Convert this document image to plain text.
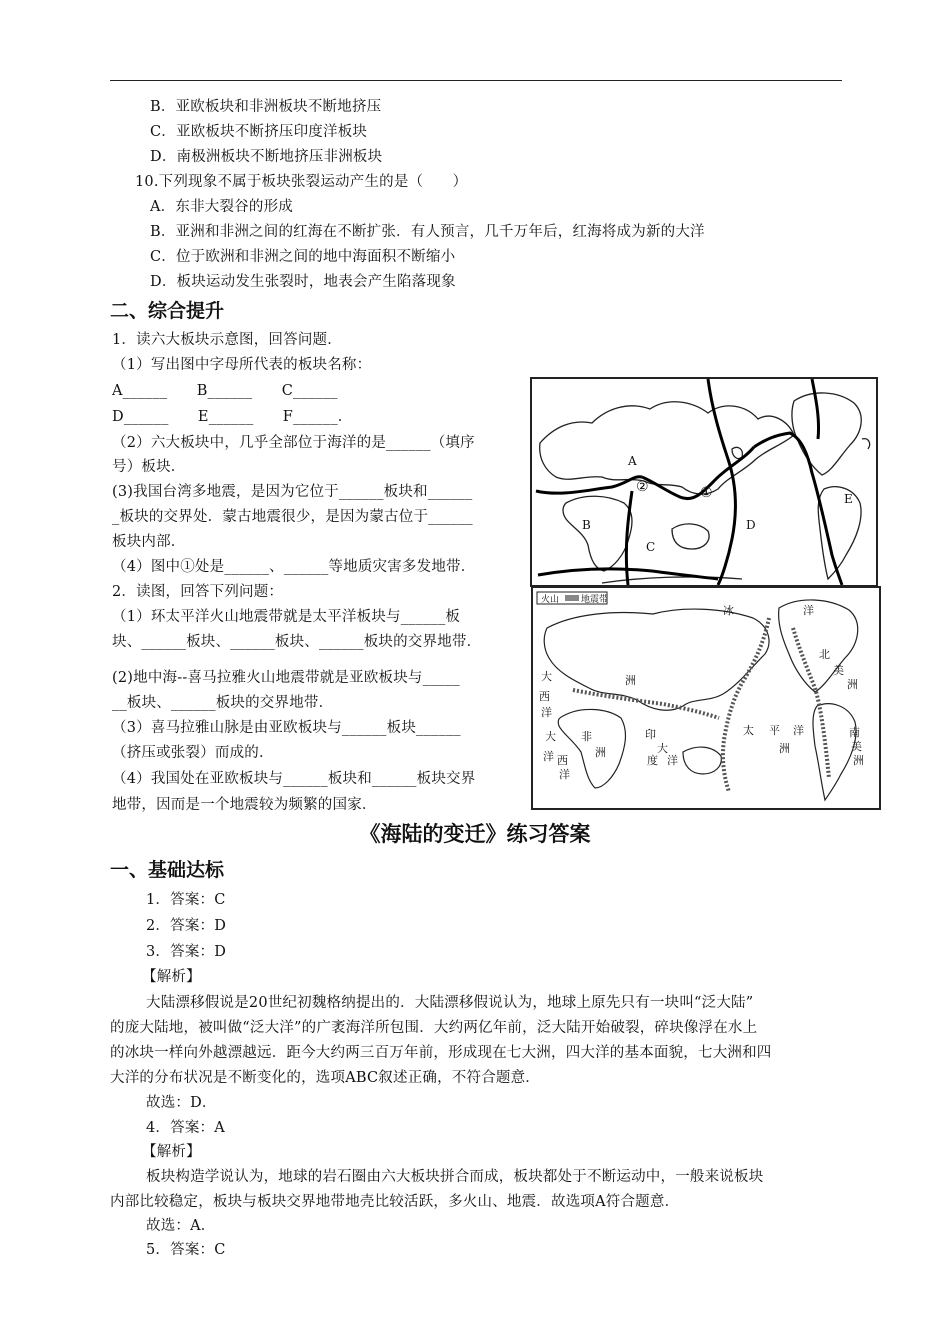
B．亚欧板块和非洲板块不断地挤压
C．亚欧板块不断挤压印度洋板块
D．南极洲板块不断地挤压非洲板块
10.下列现象不属于板块张裂运动产生的是（　　）
A．东非大裂谷的形成
B．亚洲和非洲之间的红海在不断扩张．有人预言，几千万年后，红海将成为新的大洋
C．位于欧洲和非洲之间的地中海面积不断缩小
D．板块运动发生张裂时，地表会产生陷落现象
二、综合提升
1．读六大板块示意图，回答问题．
（1）写出图中字母所代表的板块名称：
A______　　B______　　C______
D______　　E______　　F______．
（2）六大板块中，几乎全部位于海洋的是______（填序
号）板块．
(3)我国台湾多地震，是因为它位于______板块和______
_板块的交界处．蒙古地震很少，是因为蒙古位于______
板块内部．
（4）图中①处是______、______等地质灾害多发地带．
2．读图，回答下列问题：
（1）环太平洋火山地震带就是太平洋板块与______板
块、______板块、______板块、______板块的交界地带．
(2)地中海--喜马拉雅火山地震带就是亚欧板块与_____
__板块、______板块的交界地带．
（3）喜马拉雅山脉是由亚欧板块与______板块______
（挤压或张裂）而成的．
（4）我国处在亚欧板块与______板块和______板块交界
地带，因而是一个地震较为频繁的国家．
A
B
C
D
E
①
②
火山 地震带
冰	洋
北
美
大	洲	洲
西
洋
太 平 洋
大
洋
洲
南
美
洲
大	印
度 洋
西
洋
非
洲
《海陆的变迁》练习答案
一、基础达标
1．答案：C
2．答案：D
3．答案：D
【解析】
大陆漂移假说是20世纪初魏格纳提出的．大陆漂移假说认为，地球上原先只有一块叫“泛大陆”
的庞大陆地，被叫做“泛大洋”的广袤海洋所包围．大约两亿年前，泛大陆开始破裂，碎块像浮在水上
的冰块一样向外越漂越远．距今大约两三百万年前，形成现在七大洲，四大洋的基本面貌，七大洲和四
大洋的分布状况是不断变化的，选项ABC叙述正确，不符合题意．
故选：D．
4．答案：A
【解析】
板块构造学说认为，地球的岩石圈由六大板块拼合而成，板块都处于不断运动中，一般来说板块
内部比较稳定，板块与板块交界地带地壳比较活跃，多火山、地震．故选项A符合题意．
故选：A．
5．答案：C
